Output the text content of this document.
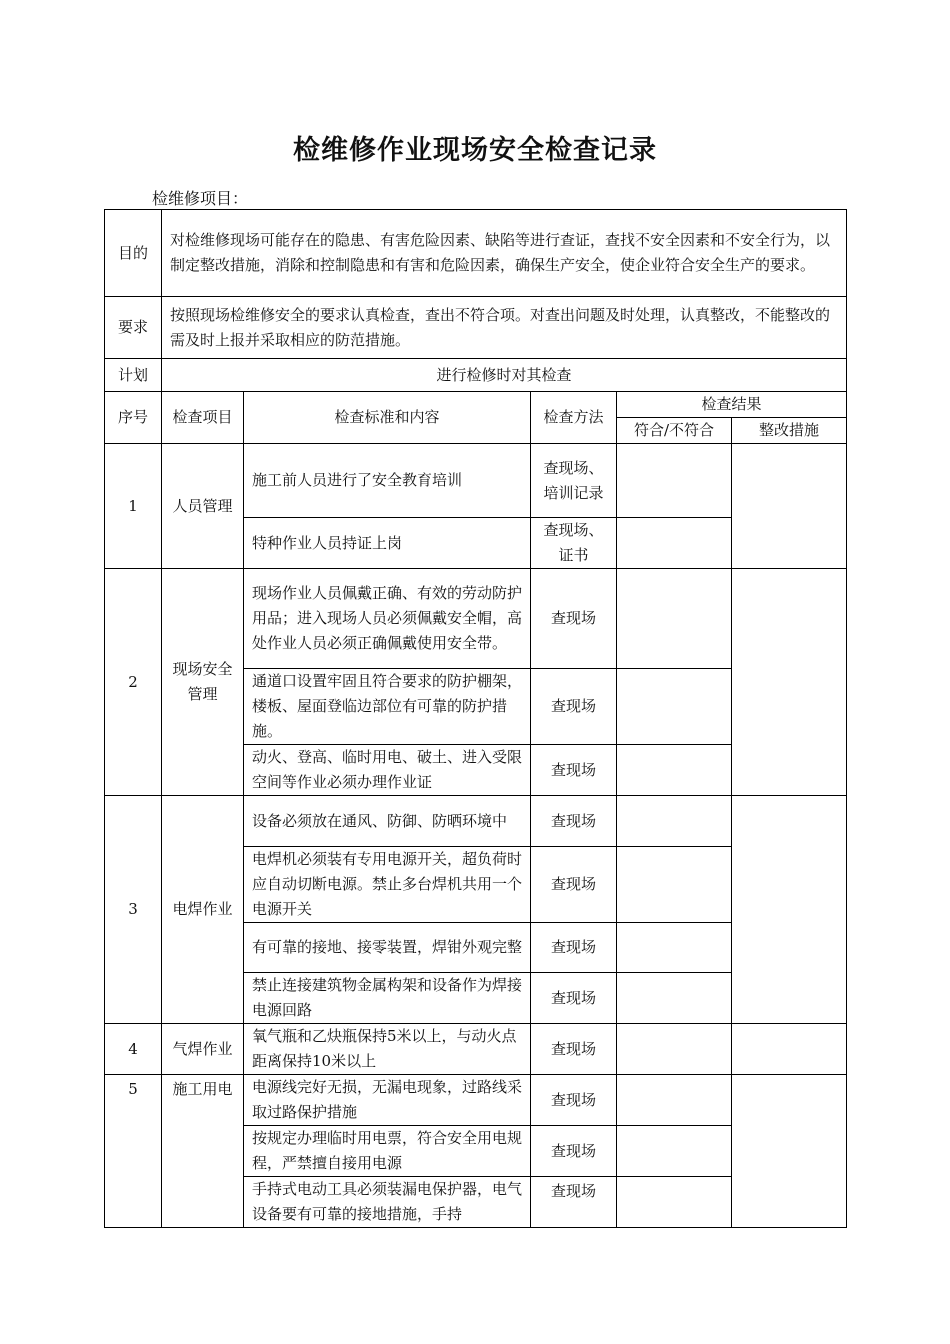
检维修作业现场安全检查记录
检维修项目：
目的	对检维修现场可能存在的隐患、有害危险因素、缺陷等进行查证，查找不安全因素和不安全行为，以制定整改措施，消除和控制隐患和有害和危险因素，确保生产安全，使企业符合安全生产的要求。				
要求	按照现场检维修安全的要求认真检查，查出不符合项。对查出问题及时处理，认真整改，不能整改的需及时上报并采取相应的防范措施。				
计划	进行检修时对其检查				
序号	检查项目	检查标准和内容	检查方法	检查结果	
				符合/不符合	整改措施
1	人员管理	施工前人员进行了安全教育培训	查现场、培训记录		
		特种作业人员持证上岗	查现场、证书		
2	现场安全管理	现场作业人员佩戴正确、有效的劳动防护用品；进入现场人员必须佩戴安全帽，高处作业人员必须正确佩戴使用安全带。	查现场		
		通道口设置牢固且符合要求的防护棚架，楼板、屋面登临边部位有可靠的防护措施。	查现场		
		动火、登高、临时用电、破土、进入受限空间等作业必须办理作业证	查现场		
3	电焊作业	设备必须放在通风、防御、防晒环境中	查现场		
		电焊机必须装有专用电源开关，超负荷时应自动切断电源。禁止多台焊机共用一个电源开关	查现场		
		有可靠的接地、接零装置，焊钳外观完整	查现场		
		禁止连接建筑物金属构架和设备作为焊接电源回路	查现场		
4	气焊作业	氧气瓶和乙炔瓶保持5米以上，与动火点距离保持10米以上	查现场		
5	施工用电	电源线完好无损，无漏电现象，过路线采取过路保护措施	查现场		
		按规定办理临时用电票，符合安全用电规程，严禁擅自接用电源	查现场		
		手持式电动工具必须装漏电保护器，电气设备要有可靠的接地措施，手持	查现场		
